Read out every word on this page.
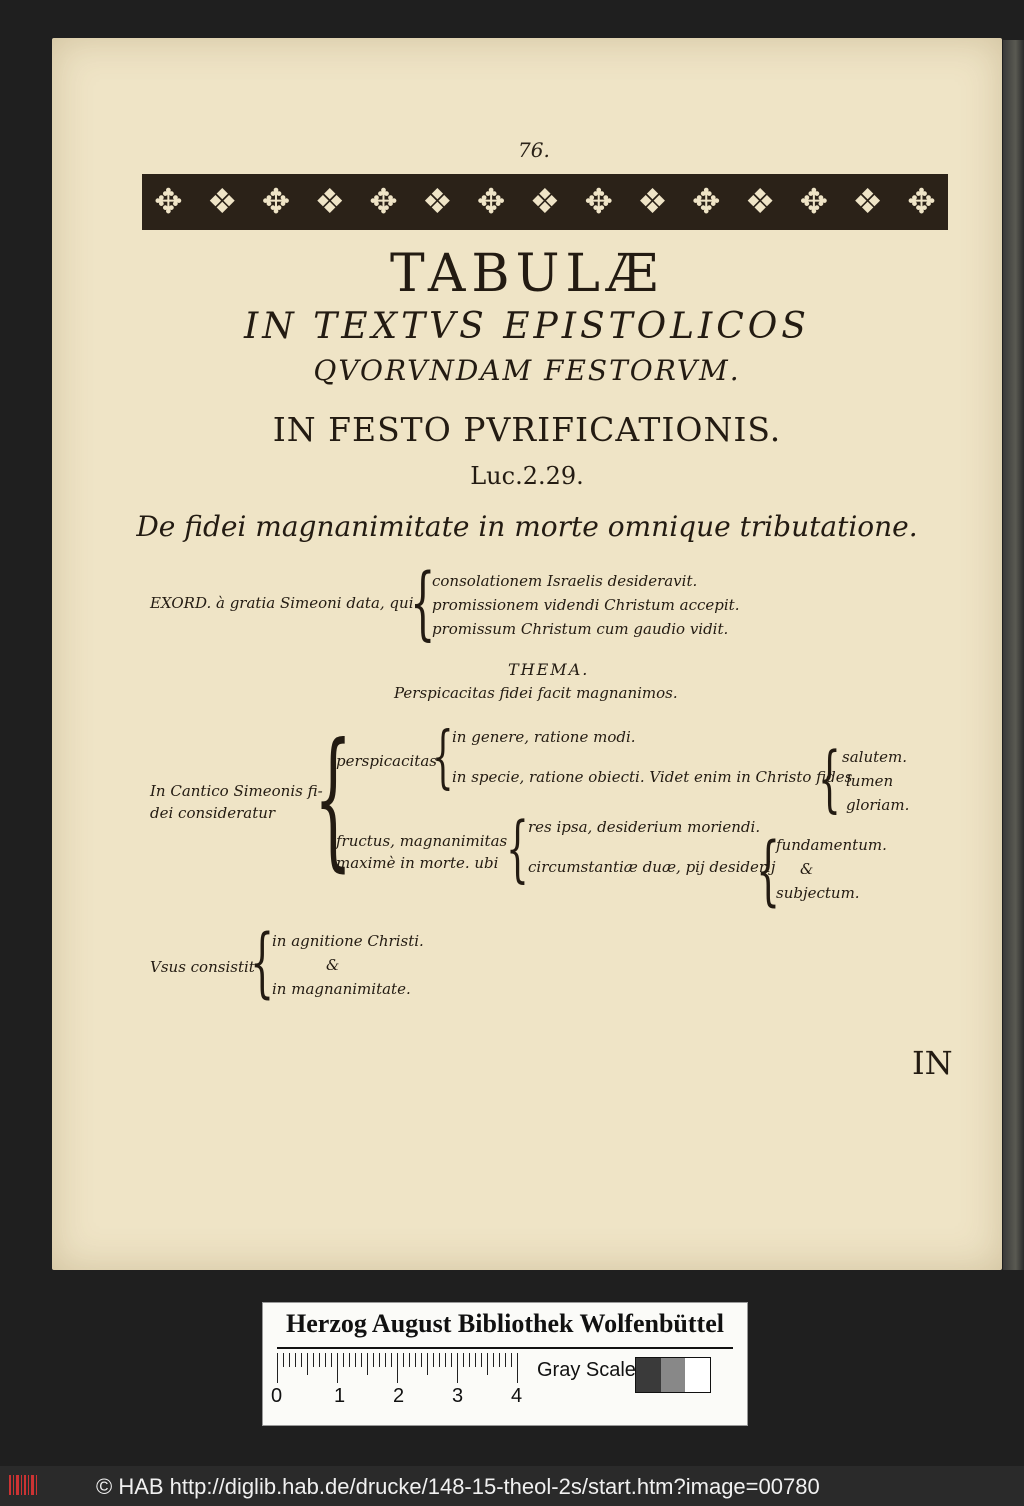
76.
✥ ❖ ✥ ❖ ✥ ❖ ✥ ❖ ✥ ❖ ✥ ❖ ✥ ❖ ✥
TABULÆ
IN TEXTVS EPISTOLICOS
QVORVNDAM FESTORVM.
IN FESTO PVRIFICATIONIS.
Luc.2.29.
De fidei magnanimitate in morte omnique tributatione.
EXORD. à gratia Simeoni data, qui
{
consolationem Israelis desideravit.
promissionem videndi Christum accepit.
promissum Christum cum gaudio vidit.
THEMA.
Perspicacitas fidei facit magnanimos.
In Cantico Simeonis fi-
dei consideratur {
perspicacitas
{
in genere, ratione modi.
in specie, ratione obiecti. Videt enim in Christo fides
{ salutem.
lumen
gloriam.
fructus, magnanimitas
maximè in morte. ubi { res ipsa, desiderium moriendi.
circumstantiæ duæ, pij desiderij
{
fundamentum.
&
subjectum.
Vsus consistit
{
in agnitione Christi.
&
in magnanimitate.
IN
Herzog August Bibliothek Wolfenbüttel
0	1 2 3 4
Gray Scale
© HAB http://diglib.hab.de/drucke/148-15-theol-2s/start.htm?image=00780
